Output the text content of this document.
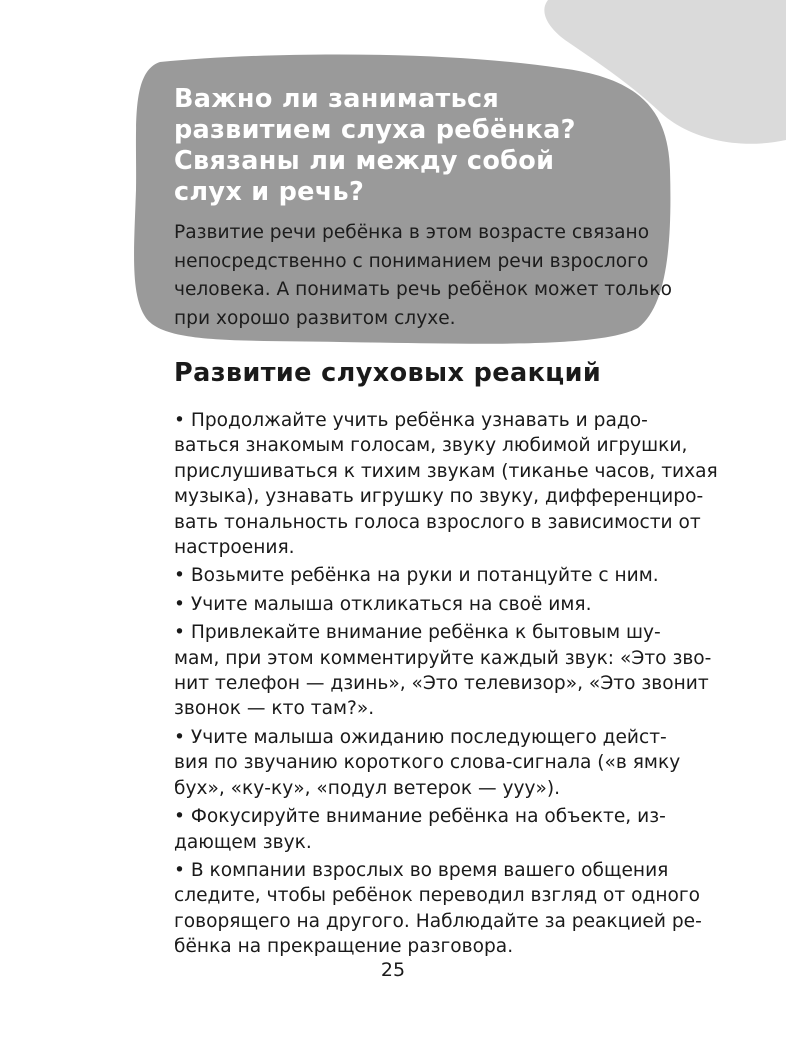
Важно ли заниматься
развитием слуха ребёнка?
Связаны ли между собой
слух и речь?

Развитие речи ребёнка в этом возрасте связано
непосредственно с пониманием речи взрослого
человека. А понимать речь ребёнок может только
при хорошо развитом слухе.

Развитие слуховых реакций

• Продолжайте учить ребёнка узнавать и радо-
ваться знакомым голосам, звуку любимой игрушки,
прислушиваться к тихим звукам (тиканье часов, тихая
музыка), узнавать игрушку по звуку, дифференциро-
вать тональность голоса взрослого в зависимости от
настроения.

• Возьмите ребёнка на руки и потанцуйте с ним.

• Учите малыша откликаться на своё имя.

• Привлекайте внимание ребёнка к бытовым шу-
мам, при этом комментируйте каждый звук: «Это зво-
нит телефон — дзинь», «Это телевизор», «Это звонит
звонок — кто там?».

• Учите малыша ожиданию последующего дейст-
вия по звучанию короткого слова-сигнала («в ямку
бух», «ку-ку», «подул ветерок — ууу»).

• Фокусируйте внимание ребёнка на объекте, из-
дающем звук.

• В компании взрослых во время вашего общения
следите, чтобы ребёнок переводил взгляд от одного
говорящего на другого. Наблюдайте за реакцией ре-
бёнка на прекращение разговора.

25
